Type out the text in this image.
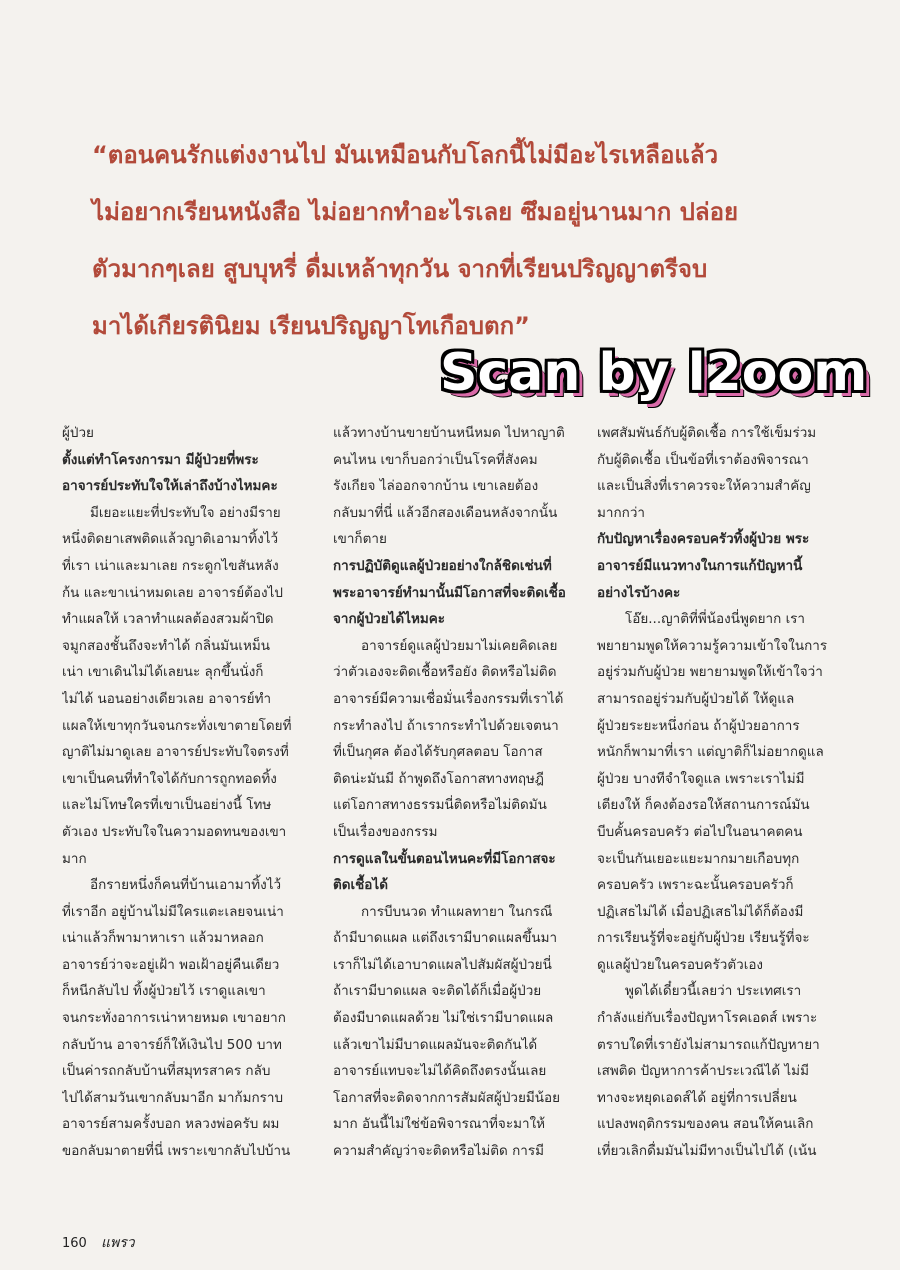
“ตอนคนรักแต่งงานไป มันเหมือนกับโลกนี้ไม่มีอะไรเหลือแล้ว

ไม่อยากเรียนหนังสือ ไม่อยากทำอะไรเลย ซึมอยู่นานมาก ปล่อย

ตัวมากๆเลย สูบบุหรี่ ดื่มเหล้าทุกวัน จากที่เรียนปริญญาตรีจบ

มาได้เกียรตินิยม เรียนปริญญาโทเกือบตก”

Scan by l2oom
ผู้ป่วย
ตั้งแต่ทำโครงการมา มีผู้ป่วยที่พระ
อาจารย์ประทับใจให้เล่าถึงบ้างไหมคะ
มีเยอะแยะที่ประทับใจ อย่างมีราย
หนึ่งติดยาเสพติดแล้วญาติเอามาทิ้งไว้
ที่เรา เน่าและมาเลย กระดูกไขสันหลัง
ก้น และขาเน่าหมดเลย อาจารย์ต้องไป
ทำแผลให้ เวลาทำแผลต้องสวมผ้าปิด
จมูกสองชั้นถึงจะทำได้ กลิ่นมันเหม็น
เน่า เขาเดินไม่ได้เลยนะ ลุกขึ้นนั่งก็
ไม่ได้ นอนอย่างเดียวเลย อาจารย์ทำ
แผลให้เขาทุกวันจนกระทั่งเขาตายโดยที่
ญาติไม่มาดูเลย อาจารย์ประทับใจตรงที่
เขาเป็นคนที่ทำใจได้กับการถูกทอดทิ้ง
และไม่โทษใครที่เขาเป็นอย่างนี้ โทษ
ตัวเอง ประทับใจในความอดทนของเขา
มาก
อีกรายหนึ่งก็คนที่บ้านเอามาทิ้งไว้
ที่เราอีก อยู่บ้านไม่มีใครแตะเลยจนเน่า
เน่าแล้วก็พามาหาเรา แล้วมาหลอก
อาจารย์ว่าจะอยู่เฝ้า พอเฝ้าอยู่คืนเดียว
ก็หนีกลับไป ทิ้งผู้ป่วยไว้ เราดูแลเขา
จนกระทั่งอาการเน่าหายหมด เขาอยาก
กลับบ้าน อาจารย์ก็ให้เงินไป 500 บาท
เป็นค่ารถกลับบ้านที่สมุทรสาคร กลับ
ไปได้สามวันเขากลับมาอีก มาก้มกราบ
อาจารย์สามครั้งบอก หลวงพ่อครับ ผม
ขอกลับมาตายที่นี่ เพราะเขากลับไปบ้าน
แล้วทางบ้านขายบ้านหนีหมด ไปหาญาติ
คนไหน เขาก็บอกว่าเป็นโรคที่สังคม
รังเกียจ ไล่ออกจากบ้าน เขาเลยต้อง
กลับมาที่นี่ แล้วอีกสองเดือนหลังจากนั้น
เขาก็ตาย
การปฏิบัติดูแลผู้ป่วยอย่างใกล้ชิดเช่นที่
พระอาจารย์ทำมานั้นมีโอกาสที่จะติดเชื้อ
จากผู้ป่วยได้ไหมคะ
อาจารย์ดูแลผู้ป่วยมาไม่เคยคิดเลย
ว่าตัวเองจะติดเชื้อหรือยัง ติดหรือไม่ติด
อาจารย์มีความเชื่อมั่นเรื่องกรรมที่เราได้
กระทำลงไป ถ้าเรากระทำไปด้วยเจตนา
ที่เป็นกุศล ต้องได้รับกุศลตอบ โอกาส
ติดน่ะมันมี ถ้าพูดถึงโอกาสทางทฤษฎี
แต่โอกาสทางธรรมนี่ติดหรือไม่ติดมัน
เป็นเรื่องของกรรม
การดูแลในขั้นตอนไหนคะที่มีโอกาสจะ
ติดเชื้อได้
การบีบนวด ทำแผลทายา ในกรณี
ถ้ามีบาดแผล แต่ถึงเรามีบาดแผลขึ้นมา
เราก็ไม่ได้เอาบาดแผลไปสัมผัสผู้ป่วยนี่
ถ้าเรามีบาดแผล จะติดได้ก็เมื่อผู้ป่วย
ต้องมีบาดแผลด้วย ไม่ใช่เรามีบาดแผล
แล้วเขาไม่มีบาดแผลมันจะติดกันได้
อาจารย์แทบจะไม่ได้คิดถึงตรงนั้นเลย
โอกาสที่จะติดจากการสัมผัสผู้ป่วยมีน้อย
มาก อันนี้ไม่ใช่ข้อพิจารณาที่จะมาให้
ความสำคัญว่าจะติดหรือไม่ติด การมี
เพศสัมพันธ์กับผู้ติดเชื้อ การใช้เข็มร่วม
กับผู้ติดเชื้อ เป็นข้อที่เราต้องพิจารณา
และเป็นสิ่งที่เราควรจะให้ความสำคัญ
มากกว่า
กับปัญหาเรื่องครอบครัวทิ้งผู้ป่วย พระ
อาจารย์มีแนวทางในการแก้ปัญหานี้
อย่างไรบ้างคะ
โอ๊ย...ญาติที่พี่น้องนี่พูดยาก เรา
พยายามพูดให้ความรู้ความเข้าใจในการ
อยู่ร่วมกับผู้ป่วย พยายามพูดให้เข้าใจว่า
สามารถอยู่ร่วมกับผู้ป่วยได้ ให้ดูแล
ผู้ป่วยระยะหนึ่งก่อน ถ้าผู้ป่วยอาการ
หนักก็พามาที่เรา แต่ญาติก็ไม่อยากดูแล
ผู้ป่วย บางทีจำใจดูแล เพราะเราไม่มี
เตียงให้ ก็คงต้องรอให้สถานการณ์มัน
บีบคั้นครอบครัว ต่อไปในอนาคตคน
จะเป็นกันเยอะแยะมากมายเกือบทุก
ครอบครัว เพราะฉะนั้นครอบครัวก็
ปฏิเสธไม่ได้ เมื่อปฏิเสธไม่ได้ก็ต้องมี
การเรียนรู้ที่จะอยู่กับผู้ป่วย เรียนรู้ที่จะ
ดูแลผู้ป่วยในครอบครัวตัวเอง
พูดได้เดี๋ยวนี้เลยว่า ประเทศเรา
กำลังแย่กับเรื่องปัญหาโรคเอดส์ เพราะ
ตราบใดที่เรายังไม่สามารถแก้ปัญหายา
เสพติด ปัญหาการค้าประเวณีได้ ไม่มี
ทางจะหยุดเอดส์ได้ อยู่ที่การเปลี่ยน
แปลงพฤติกรรมของคน สอนให้คนเลิก
เที่ยวเลิกดื่มมันไม่มีทางเป็นไปได้ (เน้น
160 แพรว
